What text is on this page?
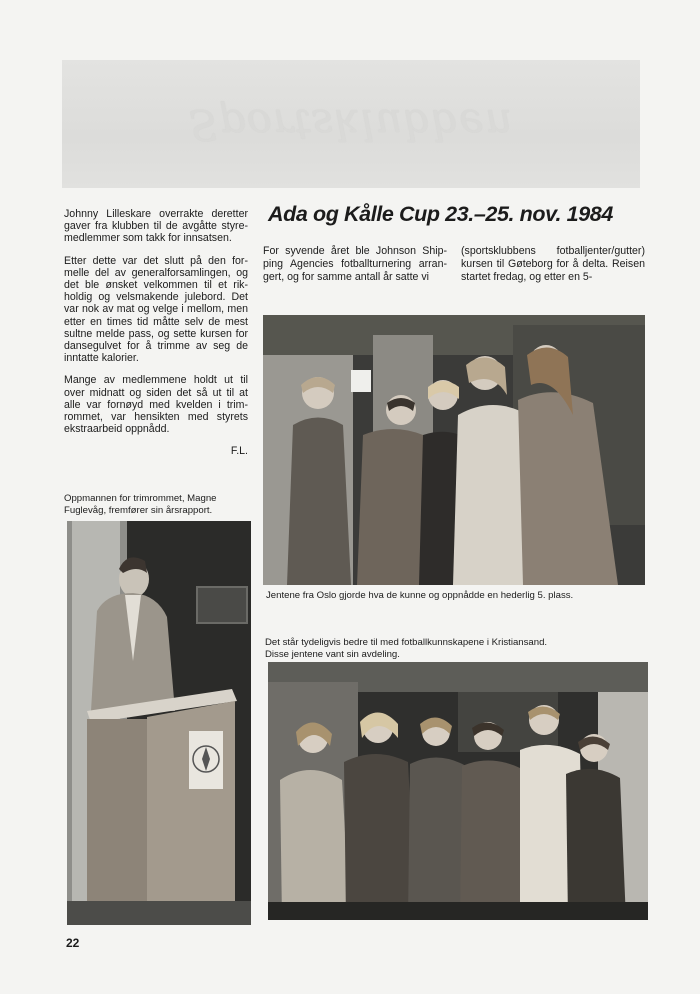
Sportsklubben

Johnny Lilleskare overrakte deretter gaver fra klubben til de avgåtte styre-medlemmer som takk for innsatsen.

Etter dette var det slutt på den for-melle del av generalforsamlingen, og det ble ønsket velkommen til et rik-holdig og velsmakende julebord. Det var nok av mat og velge i mellom, men etter en times tid måtte selv de mest sultne melde pass, og sette kursen for dansegulvet for å trimme av seg de inntatte kalorier.

Mange av medlemmene holdt ut til over midnatt og siden det så ut til at alle var fornøyd med kvelden i trim-rommet, var hensikten med styrets ekstraarbeid oppnådd.

F.L.

Oppmannen for trimrommet, Magne Fuglevåg, fremfører sin årsrapport.
Ada og Kålle Cup 23.–25. nov. 1984
For syvende året ble Johnson Ship-ping Agencies fotballturnering arran-gert, og for samme antall år satte vi
(sportsklubbens fotballjenter/gutter) kursen til Gøteborg for å delta. Reisen startet fredag, og etter en 5-
Jentene fra Oslo gjorde hva de kunne og oppnådde en hederlig 5. plass.
Det står tydeligvis bedre til med fotballkunnskapene i Kristiansand.
Disse jentene vant sin avdeling.
22
